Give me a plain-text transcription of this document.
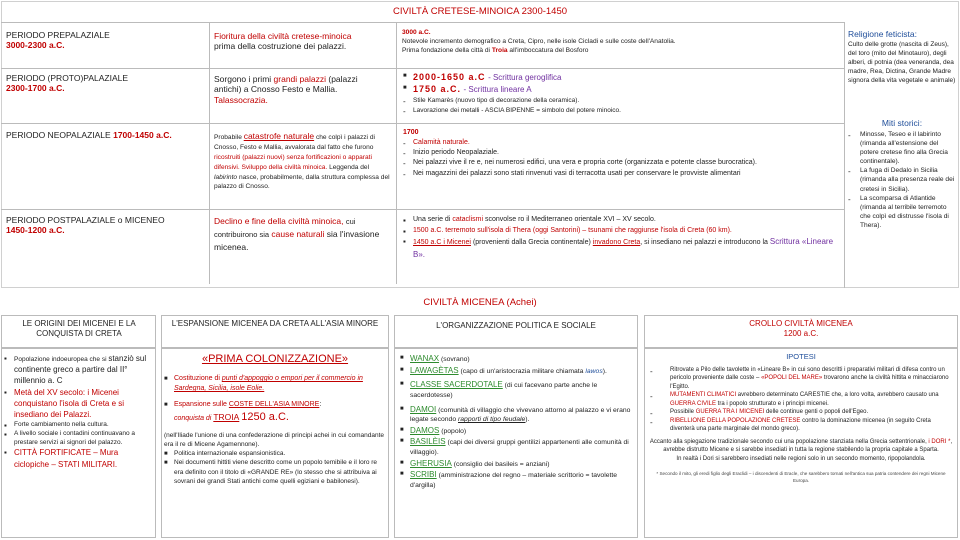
CIVILTÀ CRETESE-MINOICA 2300-1450
PERIODO PREPALAZIALE
3000-2300 a.C.
Fioritura della civiltà cretese-minoica
prima della costruzione dei palazzi.
3000 a.C.
Notevole incremento demografico a Creta, Cipro, nelle isole Cicladi e sulle coste dell'Anatolia.
Prima fondazione della città di Troia all'imboccatura del Bosforo
PERIODO (PROTO)PALAZIALE
2300-1700 a.C.
Sorgono i primi grandi palazzi (palazzi antichi) a Cnosso Festo e Mallia.
Talassocrazia.
■ 2000-1650 a.C - Scrittura geroglifica
■ 1750 a.C. - Scrittura lineare A
- Stile Kamarès (nuovo tipo di decorazione della ceramica).
- Lavorazione dei metalli - ASCIA BIPENNE = simbolo del potere minoico.
PERIODO NEOPALAZIALE 1700-1450 a.C.	Probabile catastrofe naturale che colpì i palazzi di Cnosso, Festo e Mallia, avvalorata dal fatto che furono ricostruiti (palazzi nuovi) senza fortificazioni o apparati difensivi. Sviluppo della civiltà minoica. Leggenda del labirinto nasce, probabilmente, dalla struttura complessa del palazzo di Cnosso.
1700
- Calamità naturale.
- Inizio periodo Neopalaziale.
- Nei palazzi vive il re e, nei numerosi edifici, una vera e propria corte (organizzata e potente classe burocratica).
- Nei magazzini dei palazzi sono stati rinvenuti vasi di terracotta usati per conservare le provviste alimentari
PERIODO POSTPALAZIALE o MICENEO
1450-1200 a.C.
Declino e fine della civiltà minoica, cui contribuirono sia cause naturali sia l'invasione micenea.
▪ Una serie di cataclismi sconvolse ro il Mediterraneo orientale XVI – XV secolo.
▪ 1500 a.C. terremoto sull'isola di Thera (oggi Santorini) – tsunami che raggiunse l'isola di Creta (60 km).
▪ 1450 a.C i Micenei (provenienti dalla Grecia continentale) invadono Creta, si insediano nei palazzi e introducono la Scrittura «Lineare B».
Religione feticista:
Culto delle grotte (nascita di Zeus), del toro (mito del Minotauro), degli alberi, di potnia (dea veneranda, dea madre, Rea, Dictina, Grande Madre signora della vita vegetale e animale)
Miti storici:
- Minosse, Teseo e il labirinto (rimanda all'estensione del potere cretese fino alla Grecia continentale).
- La fuga di Dedalo in Sicilia (rimanda alla presenza reale dei cretesi in Sicilia).
- La scomparsa di Atlantide (rimanda al terribile terremoto che colpì ed distrusse l'isola di Thera).
CIVILTÀ MICENEA (Achei)
LE ORIGINI DEI MICENEI E LA CONQUISTA DI CRETA
▪ Popolazione indoeuropea che si stanziò sul continente greco a partire dal II° millennio a. C
▪ Metà del XV secolo: i Micenei conquistano l'isola di Creta e si insediano dei Palazzi.
▪ Forte cambiamento nella cultura.
▪ A livello sociale i contadini continuavano a prestare servizi ai signori del palazzo.
▪ CITTÀ FORTIFICATE – Mura ciclopiche – STATI MILITARI.
L'ESPANSIONE MICENEA DA CRETA ALL'ASIA MINORE
«PRIMA COLONIZZAZIONE»
■ Costituzione di punti d'appoggio o empori per il commercio in Sardegna, Sicilia, isole Eolie.
■ Espansione sulle COSTE DELL'ASIA MINORE:
conquista di TROIA 1250 a.C.
(nell'Iliade l'unione di una confederazione di principi achei in cui comandante era il re di Micene Agamennone).
■ Politica internazionale espansionistica.
■ Nei documenti hittiti viene descritto come un popolo temibile e il loro re era definito con il titolo di «GRANDE RE» (lo stesso che si attribuiva ai sovrani dei grandi Stati antichi come quelli egiziani e babilonesi).
L'ORGANIZZAZIONE POLITICA E SOCIALE
■ WANAX (sovrano)
■ LAWAGÈTAS (capo di un'aristocrazia militare chiamata lawos).
■ CLASSE SACERDOTALE (di cui facevano parte anche le sacerdotesse)
■ DAMOI (comunità di villaggio che vivevano attorno al palazzo e vi erano legate secondo rapporti di tipo feudale).
■ DAMOS (popolo)
■ BASILÈIS (capi dei diversi gruppi gentilizi appartenenti alle comunità di villaggio).
■ GHERUSIA (consiglio dei basileis = anziani)
■ SCRIBI (amministrazione del regno – materiale scrittorio = tavolette d'argilla)
CROLLO CIVILTÀ MICENEA
1200 a.C.
IPOTESI
- Ritrovate a Pilo delle tavolette in «Lineare B» in cui sono descritti i preparativi militari di difesa contro un pericolo proveniente dalle coste – «POPOLI DEL MARE» trovarono anche la civiltà hittita e minacciarono l'Egitto.
- MUTAMENTI CLIMATICI avrebbero determinato CARESTIE che, a loro volta, avrebbero causato una GUERRA CIVILE tra i popolo strutturato e i principi micenei.
- Possibile GUERRA TRA I MICENEI delle continue genti o popoli dell'Egeo.
- RIBELLIONE DELLA POPOLAZIONE CRETESE contro la dominazione micenea (in seguito Creta diventerà una parte marginale del mondo greco).
Accanto alla spiegazione tradizionale secondo cui una popolazione stanziata nella Grecia settentrionale, i DORI *, avrebbe distrutto Micene e si sarebbe insediati in tutta la regione stabilendo la propria capitale a Sparta.
In realtà i Dori si sarebbero insediati nelle regioni solo in un secondo momento, ripopolandola.
* Secondo il mito, gli eredi figlio degli Eraclidi – i discendenti di Eracle, che sarebbero tornati nell'antica sua patria contendere dei regni Micene Europa.
